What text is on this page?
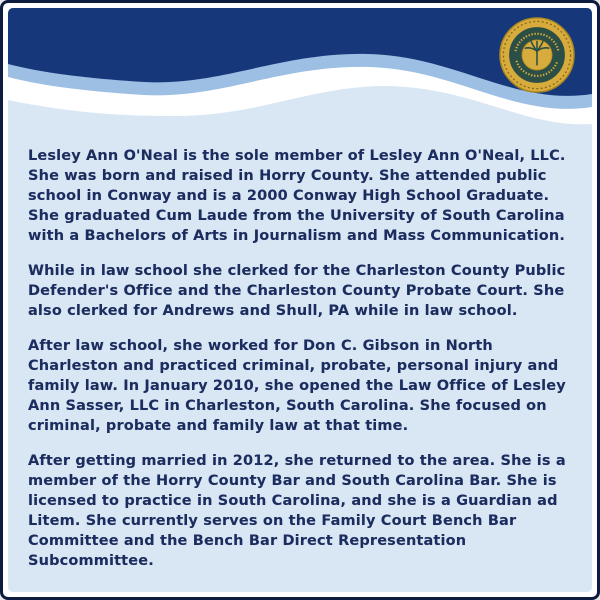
Lesley Ann O'Neal is the sole member of Lesley Ann O'Neal, LLC. She was born and raised in Horry County. She attended public school in Conway and is a 2000 Conway High School Graduate. She graduated Cum Laude from the University of South Carolina with a Bachelors of Arts in Journalism and Mass Communication.

While in law school she clerked for the Charleston County Public Defender's Office and the Charleston County Probate Court. She also clerked for Andrews and Shull, PA while in law school.

After law school, she worked for Don C. Gibson in North Charleston and practiced criminal, probate, personal injury and family law. In January 2010, she opened the Law Office of Lesley Ann Sasser, LLC in Charleston, South Carolina. She focused on criminal, probate and family law at that time.

After getting married in 2012, she returned to the area. She is a member of the Horry County Bar and South Carolina Bar. She is licensed to practice in South Carolina, and she is a Guardian ad Litem. She currently serves on the Family Court Bench Bar Committee and the Bench Bar Direct Representation Subcommittee.
